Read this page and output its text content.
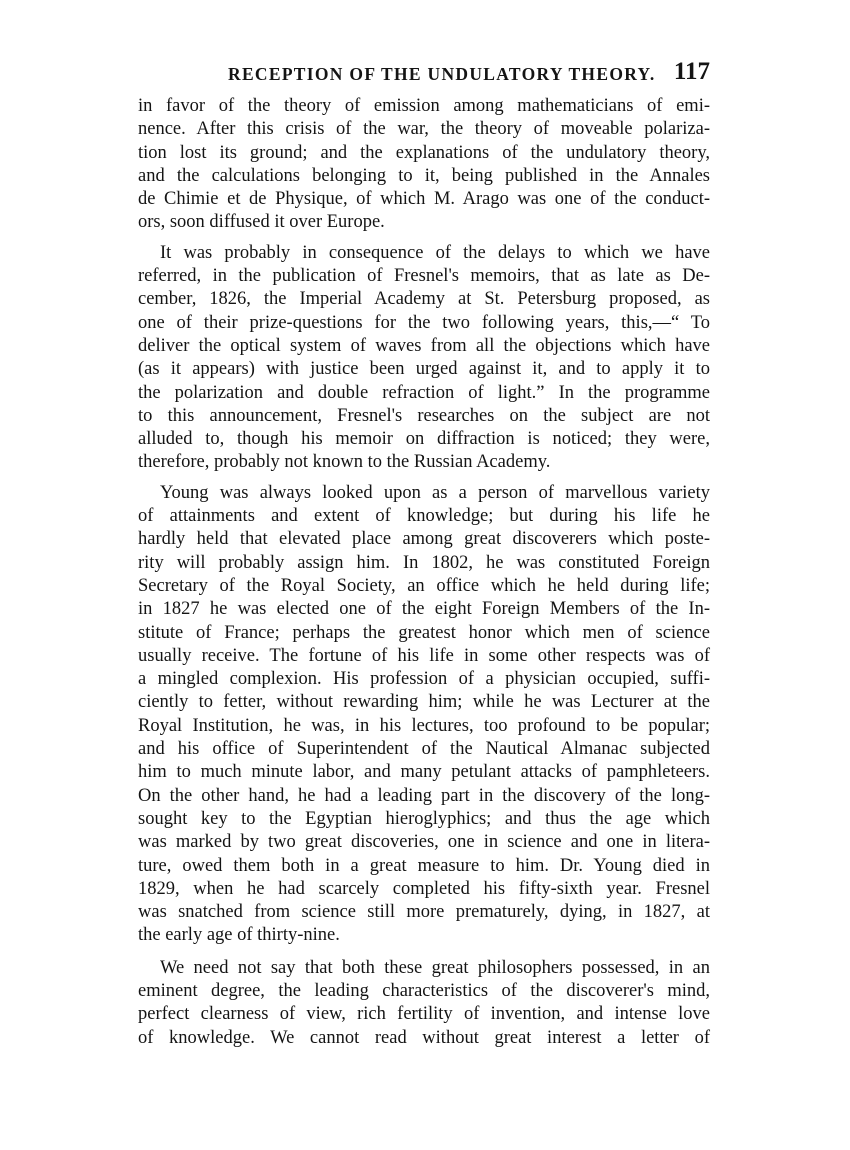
RECEPTION OF THE UNDULATORY THEORY. 117
in favor of the theory of emission among mathematicians of emi-
nence. After this crisis of the war, the theory of moveable polariza-
tion lost its ground; and the explanations of the undulatory theory,
and the calculations belonging to it, being published in the Annales
de Chimie et de Physique, of which M. Arago was one of the conduct-
ors, soon diffused it over Europe.
It was probably in consequence of the delays to which we have
referred, in the publication of Fresnel's memoirs, that as late as De-
cember, 1826, the Imperial Academy at St. Petersburg proposed, as
one of their prize-questions for the two following years, this,—“ To
deliver the optical system of waves from all the objections which have
(as it appears) with justice been urged against it, and to apply it to
the polarization and double refraction of light.” In the programme
to this announcement, Fresnel's researches on the subject are not
alluded to, though his memoir on diffraction is noticed; they were,
therefore, probably not known to the Russian Academy.
Young was always looked upon as a person of marvellous variety
of attainments and extent of knowledge; but during his life he
hardly held that elevated place among great discoverers which poste-
rity will probably assign him. In 1802, he was constituted Foreign
Secretary of the Royal Society, an office which he held during life;
in 1827 he was elected one of the eight Foreign Members of the In-
stitute of France; perhaps the greatest honor which men of science
usually receive. The fortune of his life in some other respects was of
a mingled complexion. His profession of a physician occupied, suffi-
ciently to fetter, without rewarding him; while he was Lecturer at the
Royal Institution, he was, in his lectures, too profound to be popular;
and his office of Superintendent of the Nautical Almanac subjected
him to much minute labor, and many petulant attacks of pamphleteers.
On the other hand, he had a leading part in the discovery of the long-
sought key to the Egyptian hieroglyphics; and thus the age which
was marked by two great discoveries, one in science and one in litera-
ture, owed them both in a great measure to him. Dr. Young died in
1829, when he had scarcely completed his fifty-sixth year. Fresnel
was snatched from science still more prematurely, dying, in 1827, at
the early age of thirty-nine.
We need not say that both these great philosophers possessed, in an
eminent degree, the leading characteristics of the discoverer's mind,
perfect clearness of view, rich fertility of invention, and intense love
of knowledge. We cannot read without great interest a letter of
